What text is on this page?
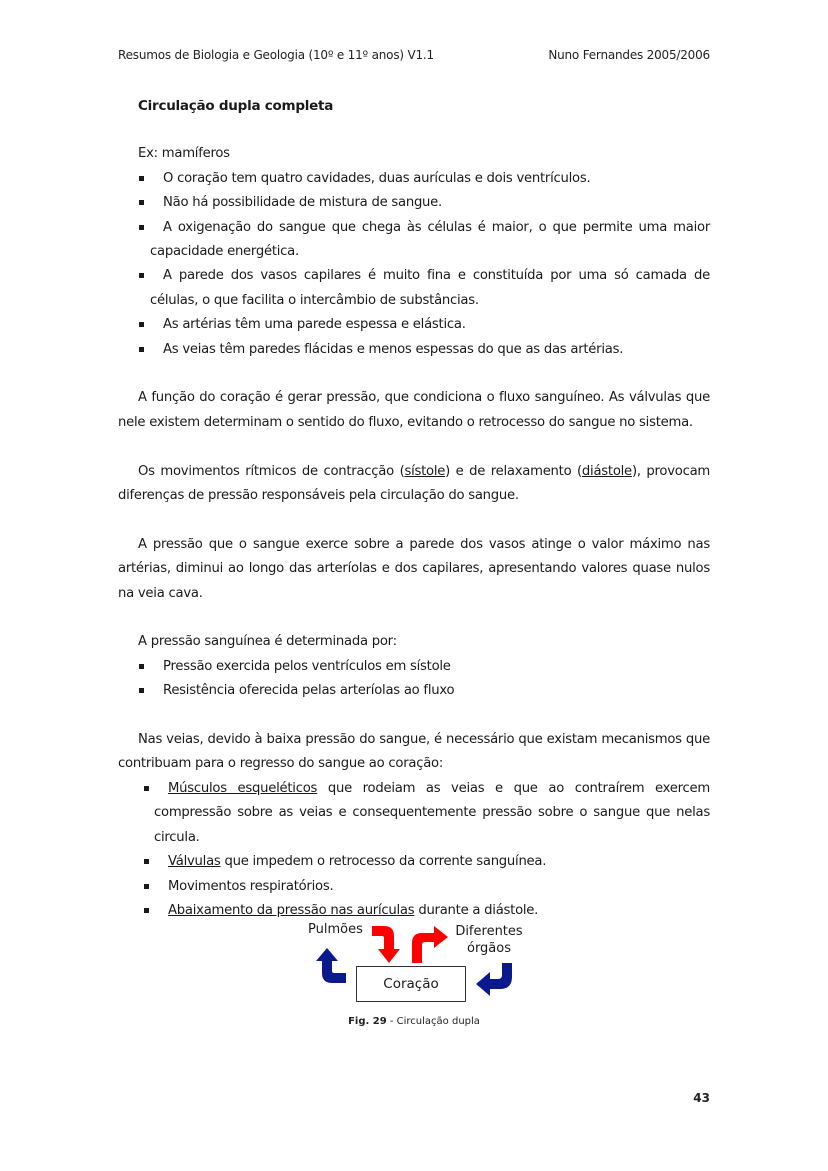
Resumos de Biologia e Geologia (10º e 11º anos) V1.1	Nuno Fernandes 2005/2006

Circulação dupla completa

Ex: mamíferos

O coração tem quatro cavidades, duas aurículas e dois ventrículos.
Não há possibilidade de mistura de sangue.
A oxigenação do sangue que chega às células é maior, o que permite uma maior capacidade energética.
A parede dos vasos capilares é muito fina e constituída por uma só camada de células, o que facilita o intercâmbio de substâncias.
As artérias têm uma parede espessa e elástica.
As veias têm paredes flácidas e menos espessas do que as das artérias.

A função do coração é gerar pressão, que condiciona o fluxo sanguíneo. As válvulas que nele existem determinam o sentido do fluxo, evitando o retrocesso do sangue no sistema.

Os movimentos rítmicos de contracção (sístole) e de relaxamento (diástole), provocam diferenças de pressão responsáveis pela circulação do sangue.

A pressão que o sangue exerce sobre a parede dos vasos atinge o valor máximo nas artérias, diminui ao longo das arteríolas e dos capilares, apresentando valores quase nulos na veia cava.

A pressão sanguínea é determinada por:

Pressão exercida pelos ventrículos em sístole
Resistência oferecida pelas arteríolas ao fluxo

Nas veias, devido à baixa pressão do sangue, é necessário que existam mecanismos que contribuam para o regresso do sangue ao coração:

Músculos esqueléticos que rodeiam as veias e que ao contraírem exercem compressão sobre as veias e consequentemente pressão sobre o sangue que nelas circula.
Válvulas que impedem o retrocesso da corrente sanguínea.
Movimentos respiratórios.
Abaixamento da pressão nas aurículas durante a diástole.
Pulmões	Diferentes
órgãos
Coração
Fig. 29 - Circulação dupla
43
